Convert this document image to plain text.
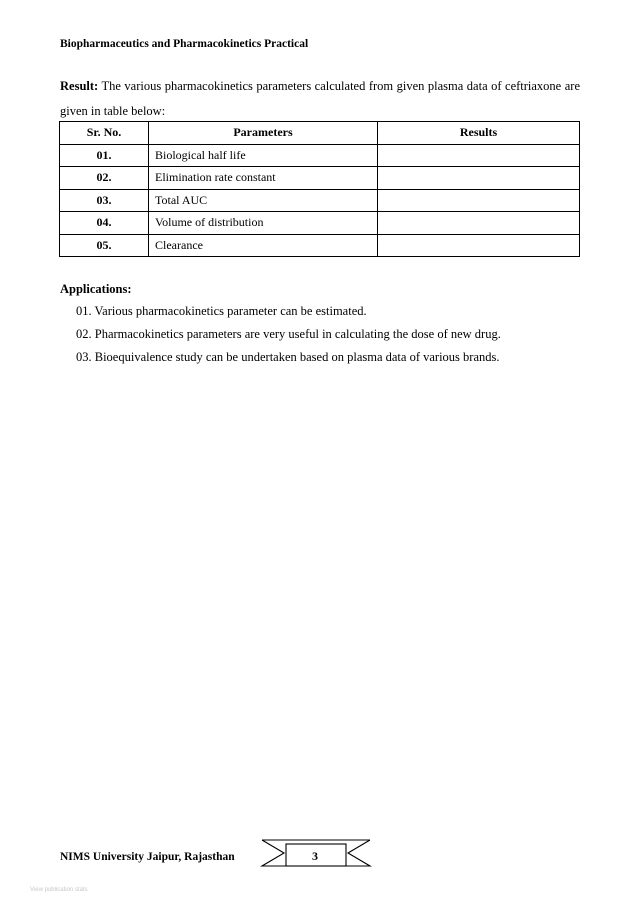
Biopharmaceutics and Pharmacokinetics Practical
Result: The various pharmacokinetics parameters calculated from given plasma data of ceftriaxone are given in table below:
Sr. No.	Parameters	Results
01.	Biological half life	
02.	Elimination rate constant	
03.	Total AUC	
04.	Volume of distribution	
05.	Clearance	
Applications:
01. Various pharmacokinetics parameter can be estimated.
02. Pharmacokinetics parameters are very useful in calculating the dose of new drug.
03. Bioequivalence study can be undertaken based on plasma data of various brands.
NIMS University Jaipur, Rajasthan	3
View publication stats
